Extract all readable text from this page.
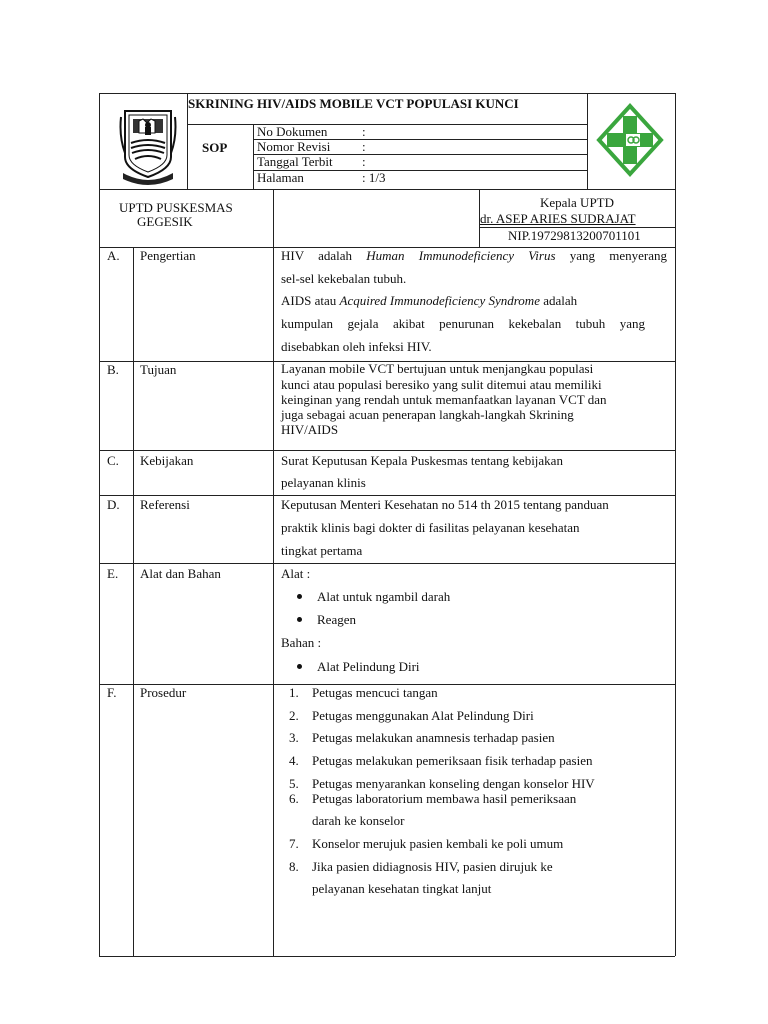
SKRINING HIV/AIDS MOBILE VCT POPULASI KUNCI
SOP
No Dokumen	:
Nomor Revisi :
Tanggal Terbit :
Halaman	: 1/3
UPTD PUSKESMAS
GEGESIK
Kepala UPTD
dr. ASEP ARIES SUDRAJAT
NIP.19729813200701101
A. Pengertian	HIV adalah Human Immunodeficiency Virus yang menyerang
sel-sel kekebalan tubuh.
AIDS atau Acquired Immunodeficiency Syndrome adalah
kumpulan gejala akibat penurunan kekebalan tubuh yang
disebabkan oleh infeksi HIV.
B. Tujuan	Layanan mobile VCT bertujuan untuk menjangkau populasi
kunci atau populasi beresiko yang sulit ditemui atau memiliki
keinginan yang rendah untuk memanfaatkan layanan VCT dan
juga sebagai acuan penerapan langkah-langkah Skrining
HIV/AIDS
C. Kebijakan	Surat Keputusan Kepala Puskesmas tentang kebijakan
pelayanan klinis
D. Referensi	Keputusan Menteri Kesehatan no 514 th 2015 tentang panduan
praktik klinis bagi dokter di fasilitas pelayanan kesehatan
tingkat pertama
E. Alat dan Bahan	Alat :
Alat untuk ngambil darah
Reagen
Bahan :
Alat Pelindung Diri
F. Prosedur	1. Petugas mencuci tangan
2. Petugas menggunakan Alat Pelindung Diri
3. Petugas melakukan anamnesis terhadap pasien
4. Petugas melakukan pemeriksaan fisik terhadap pasien
5. Petugas menyarankan konseling dengan konselor HIV
6. Petugas laboratorium membawa hasil pemeriksaan
darah ke konselor
7. Konselor merujuk pasien kembali ke poli umum
8. Jika pasien didiagnosis HIV, pasien dirujuk ke
pelayanan kesehatan tingkat lanjut
